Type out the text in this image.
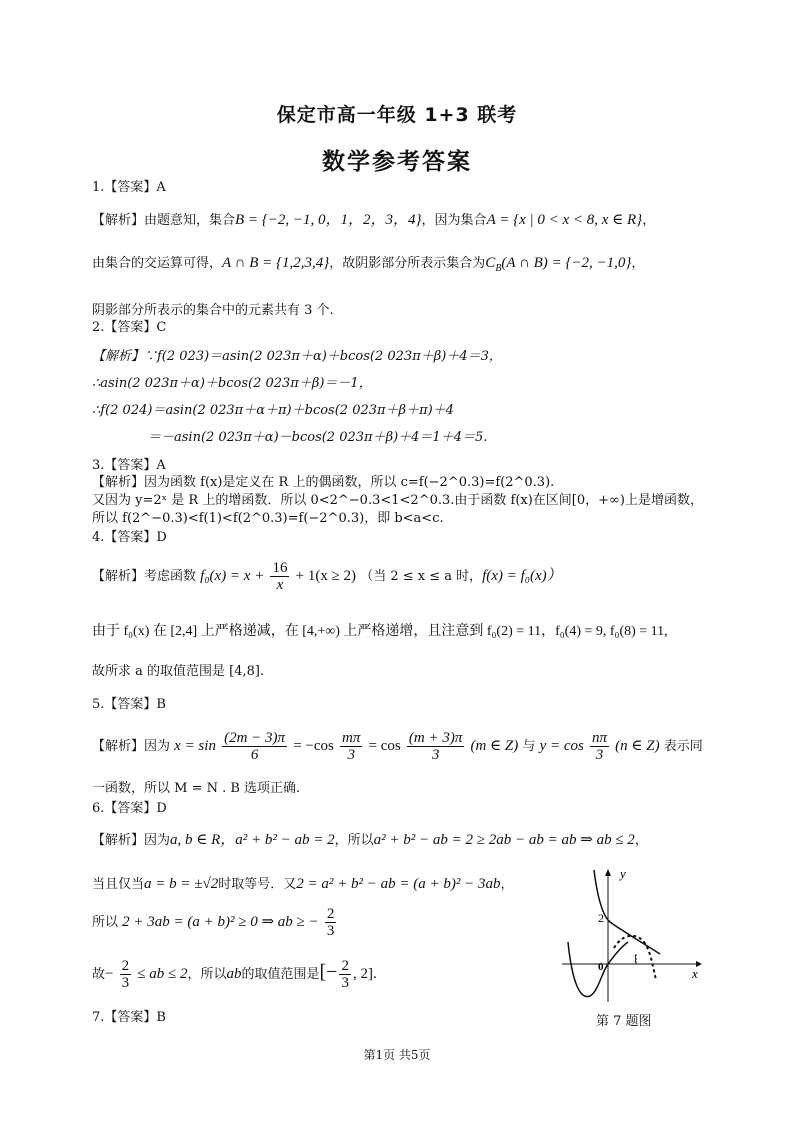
保定市高一年级 1+3 联考
数学参考答案
1.【答案】A
【解析】由题意知，集合B = {−2, −1, 0，1，2，3，4}，因为集合A = {x | 0 < x < 8, x ∈ R}，
由集合的交运算可得，A ∩ B = {1,2,3,4}，故阴影部分所表示集合为$C_B(A$ ∩ B) = {−2, −1,0}，
阴影部分所表示的集合中的元素共有 3 个.
2.【答案】C
【解析】∵f(2 023)＝asin(2 023π＋α)＋bcos(2 023π＋β)＋4＝3，
∴asin(2 023π＋α)＋bcos(2 023π＋β)＝－1，
∴f(2 024)＝asin(2 023π＋α＋π)＋bcos(2 023π＋β＋π)＋4
＝－asin(2 023π＋α)－bcos(2 023π＋β)＋4＝1＋4＝5.
3.【答案】A
【解析】因为函数 f(x)是定义在 R 上的偶函数，所以 c=f(−2^0.3)=f(2^0.3).
又因为 y=2ˣ 是 R 上的增函数．所以 0<2^−0.3<1<2^0.3.由于函数 f(x)在区间[0，+∞)上是增函数，
所以 f(2^−0.3)<f(1)<f(2^0.3)=f(−2^0.3)，即 b<a<c.
4.【答案】D
【解析】考虑函数 $f_0(x) = x + \frac{16}{x} + 1(x \ge 2)$ （当 2 ≤ x ≤ a 时，f(x) = f₀(x)）
由于 f₀(x) 在 [2,4] 上严格递减，在 [4,+∞) 上严格递增，且注意到 f₀(2) = 11，f₀(4) = 9, f₀(8) = 11,
故所求 a 的取值范围是 [4,8].
5.【答案】B
【解析】因为 $x = \sin \frac{(2m - 3)\pi}{6} = -\cos \frac{m\pi}{3} = \cos \frac{(m + 3)\pi}{3} (m$ ∈ Z) 与 $y = \cos \frac{n\pi}{3} (n$ ∈ Z) 表示同
一函数，所以 M = N . B 选项正确.
6.【答案】D
【解析】因为a, b ∈ R，a² + b² − ab = 2，所以a² + b² − ab = 2 ≥ 2ab − ab = ab ⇒ ab ≤ 2，
当且仅当a = b = ±√2时取等号．又2 = a² + b² − ab = (a + b)² − 3ab，
所以 2 + 3ab = (a + b)² ≥ 0 ⇒ ab ≥ − $\frac{2}{3}$
故− $\frac{2}{3}$ ≤ ab ≤ 2，所以ab的取值范围是[− $\frac{2}{3}$ , 2].
7.【答案】B
2
0
1
y
x
第 7 题图
第1页 共5页
